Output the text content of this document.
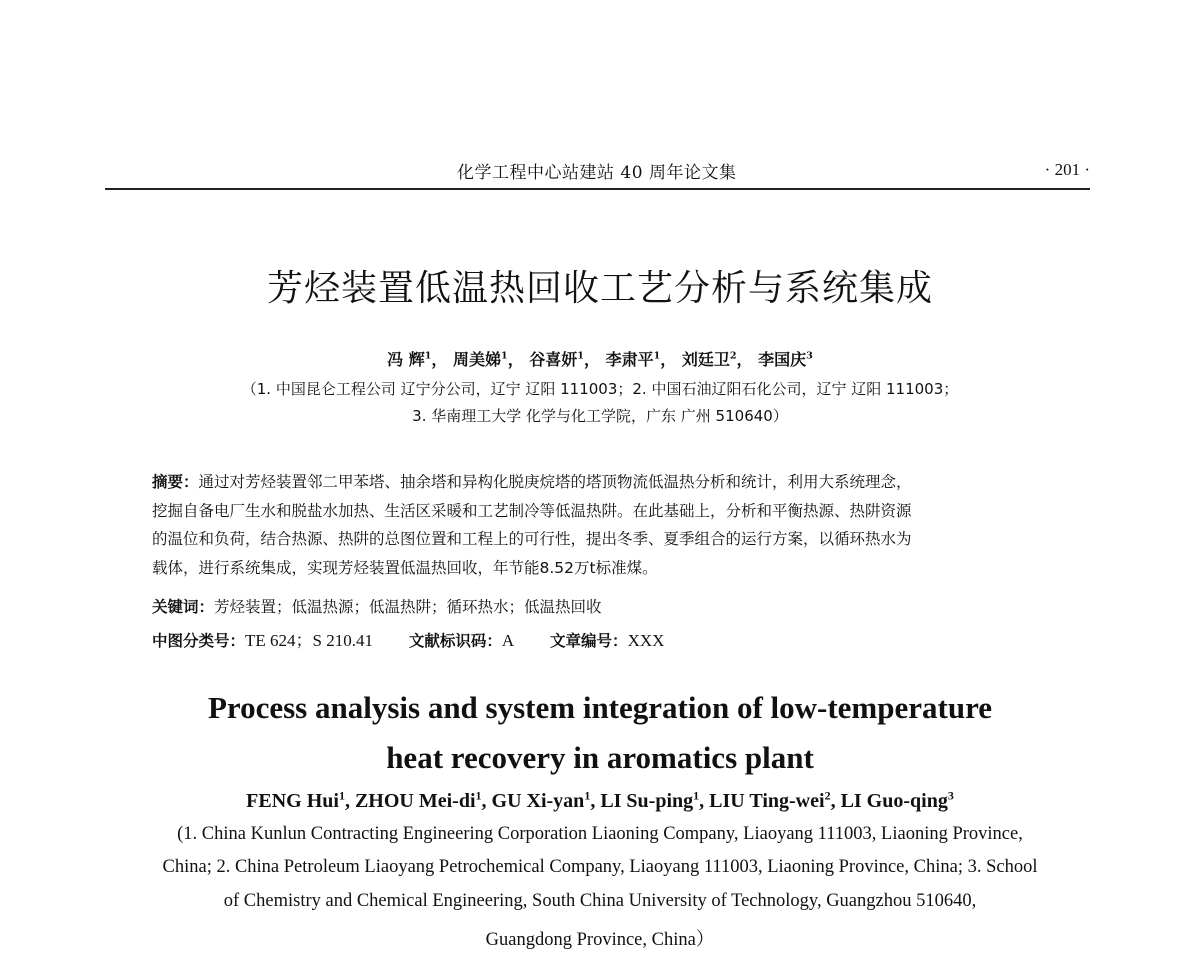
化学工程中心站建站 40 周年论文集	· 201 ·
芳烃装置低温热回收工艺分析与系统集成
冯 辉$^1$， 周美娣$^1$， 谷喜妍$^1$， 李肃平$^1$， 刘廷卫$^2$， 李国庆$^3$
（1. 中国昆仑工程公司 辽宁分公司，辽宁 辽阳 111003；2. 中国石油辽阳石化公司，辽宁 辽阳 111003；
3. 华南理工大学 化学与化工学院，广东 广州 510640）
摘要：通过对芳烃装置邻二甲苯塔、抽余塔和异构化脱庚烷塔的塔顶物流低温热分析和统计，利用大系统理念，
挖掘自备电厂生水和脱盐水加热、生活区采暖和工艺制冷等低温热阱。在此基础上，分析和平衡热源、热阱资源
的温位和负荷，结合热源、热阱的总图位置和工程上的可行性，提出冬季、夏季组合的运行方案，以循环热水为
载体，进行系统集成，实现芳烃装置低温热回收，年节能8.52万t标准煤。
关键词：芳烃装置；低温热源；低温热阱；循环热水；低温热回收
中图分类号：TE 624；S 210.41 文献标识码：A 文章编号：XXX
Process analysis and system integration of low-temperature
heat recovery in aromatics plant
FENG Hui$^1$, ZHOU Mei-$di^1$, GU Xi-yan$^1$, LI Su-ping$^1$, LIU Ting-wei$^2$, LI Guo-qing$^3$
(1. China Kunlun Contracting Engineering Corporation Liaoning Company, Liaoyang 111003, Liaoning Province,
China; 2. China Petroleum Liaoyang Petrochemical Company, Liaoyang 111003, Liaoning Province, China; 3. School
of Chemistry and Chemical Engineering, South China University of Technology, Guangzhou 510640,
Guangdong Province, China）
